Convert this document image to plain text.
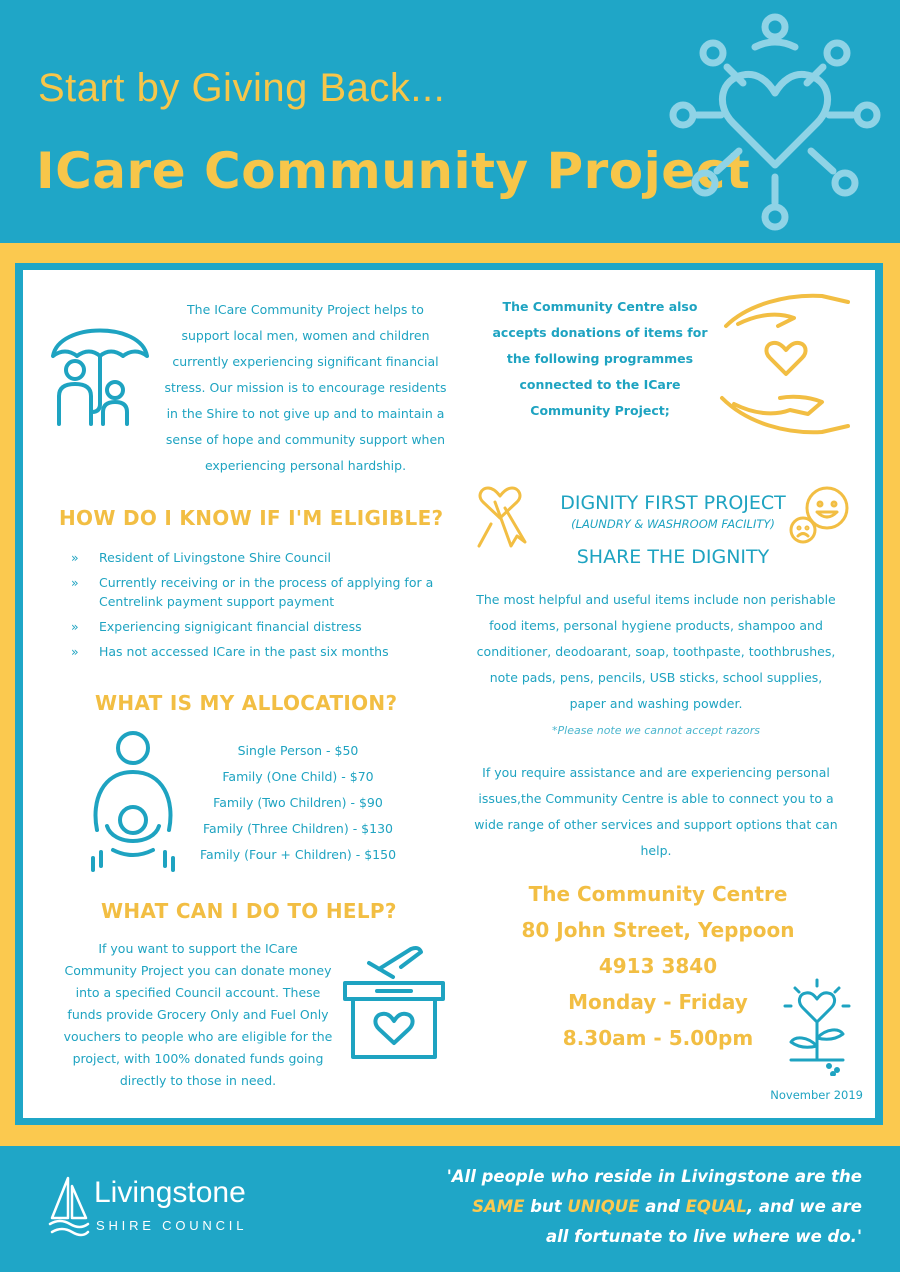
Start by Giving Back...
ICare Community Project
The ICare Community Project helps to support local men, women and children currently experiencing significant financial stress. Our mission is to encourage residents in the Shire to not give up and to maintain a sense of hope and community support when experiencing personal hardship.
HOW DO I KNOW IF I'M ELIGIBLE?
» Resident of Livingstone Shire Council
» Currently receiving or in the process of applying for a Centrelink payment support payment
» Experiencing signigicant financial distress
» Has not accessed ICare in the past six months
WHAT IS MY ALLOCATION?
Single Person - $50
Family (One Child) - $70
Family (Two Children) - $90
Family (Three Children) - $130
Family (Four + Children) - $150
WHAT CAN I DO TO HELP?
If you want to support the ICare Community Project you can donate money into a specified Council account. These funds provide Grocery Only and Fuel Only vouchers to people who are eligible for the project, with 100% donated funds going directly to those in need.
The Community Centre also accepts donations of items for the following programmes connected to the ICare Community Project;
DIGNITY FIRST PROJECT
(LAUNDRY & WASHROOM FACILITY)
SHARE THE DIGNITY
The most helpful and useful items include non perishable food items, personal hygiene products, shampoo and conditioner, deodoarant, soap, toothpaste, toothbrushes, note pads, pens, pencils, USB sticks, school supplies, paper and washing powder.
*Please note we cannot accept razors
If you require assistance and are experiencing personal issues,the Community Centre is able to connect you to a wide range of other services and support options that can help.
The Community Centre
80 John Street, Yeppoon
4913 3840
Monday - Friday
8.30am - 5.00pm
November 2019
Livingstone
SHIRE COUNCIL
'All people who reside in Livingstone are the
SAME but UNIQUE and EQUAL, and we are
all fortunate to live where we do.'
